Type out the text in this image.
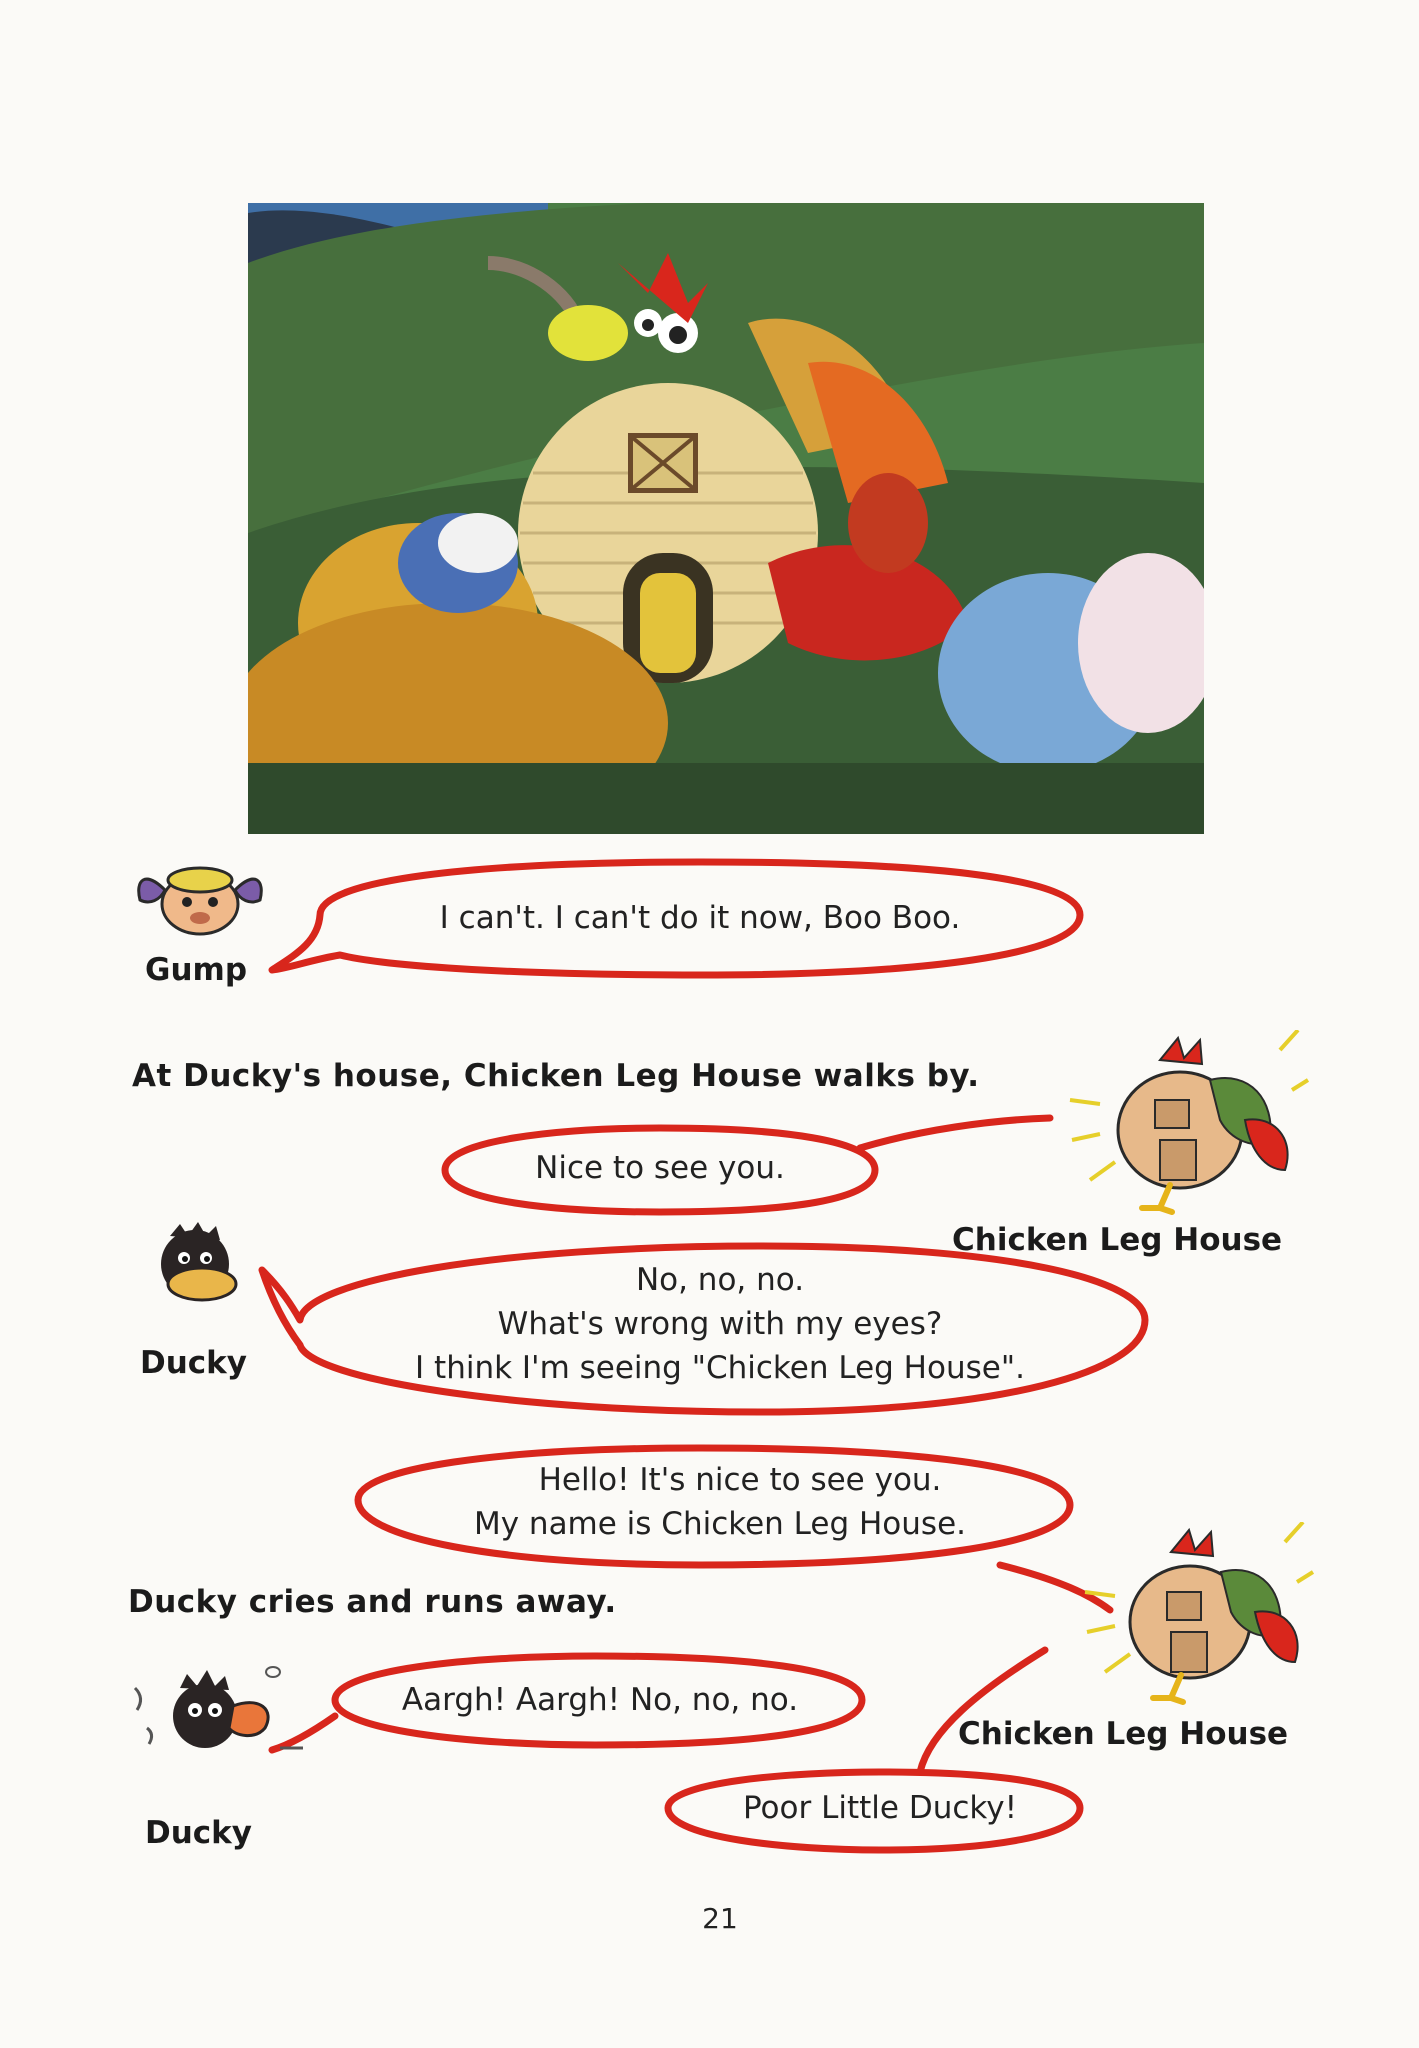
Gump
Ducky
Ducky
Chicken Leg House
Chicken Leg House
At Ducky's house, Chicken Leg House walks by.
Ducky cries and runs away.
I can't. I can't do it now, Boo Boo.
Nice to see you.
No, no, no.
What's wrong with my eyes?
I think I'm seeing "Chicken Leg House".
Hello! It's nice to see you.
My name is Chicken Leg House.
Aargh! Aargh! No, no, no.
Poor Little Ducky!
21
